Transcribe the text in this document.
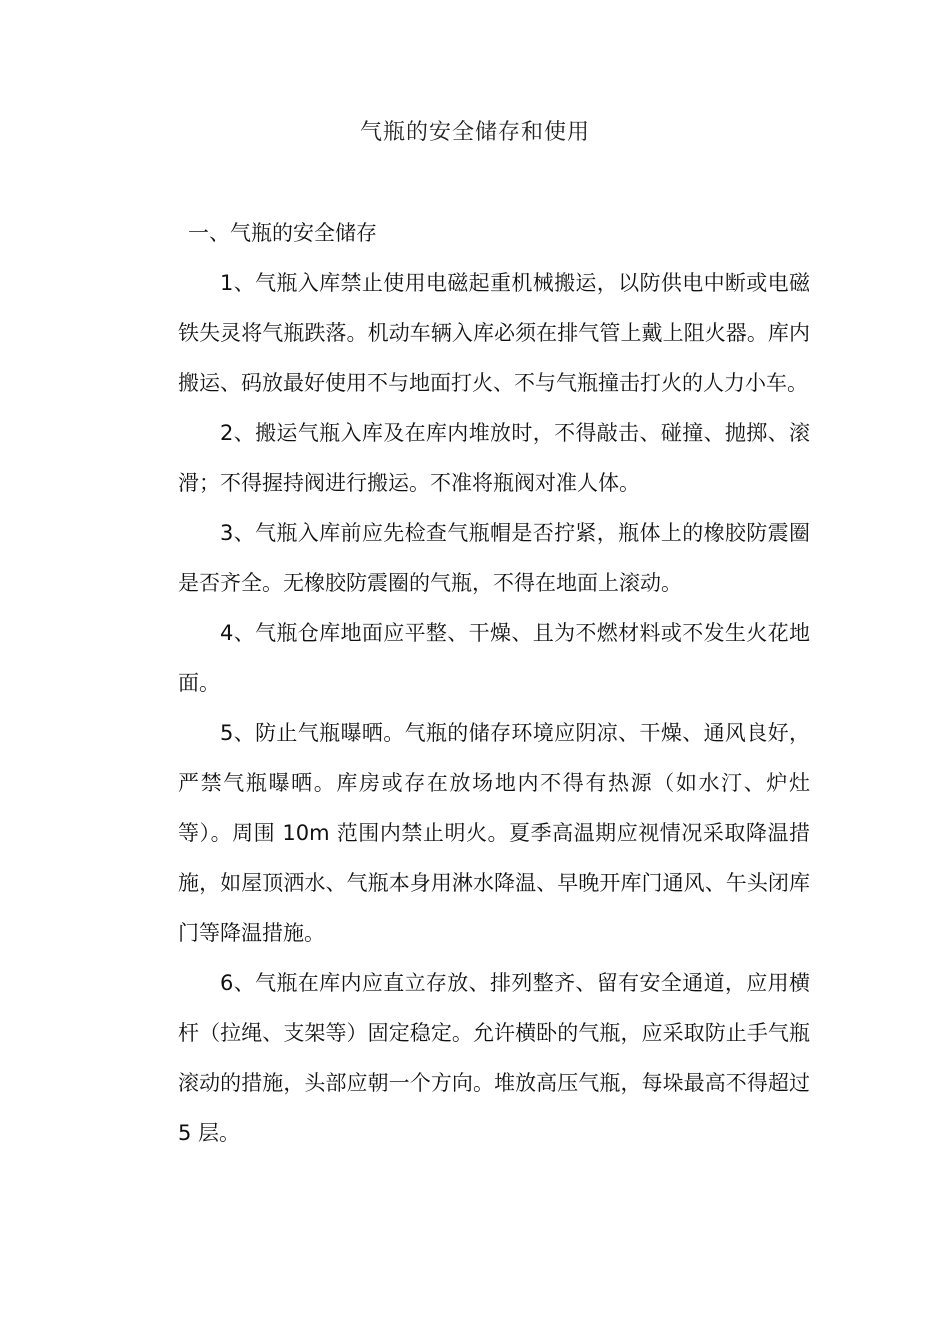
气瓶的安全储存和使用
一、气瓶的安全储存

1、气瓶入库禁止使用电磁起重机械搬运，以防供电中断或电磁铁失灵将气瓶跌落。机动车辆入库必须在排气管上戴上阻火器。库内搬运、码放最好使用不与地面打火、不与气瓶撞击打火的人力小车。

2、搬运气瓶入库及在库内堆放时，不得敲击、碰撞、抛掷、滚滑；不得握持阀进行搬运。不准将瓶阀对准人体。

3、气瓶入库前应先检查气瓶帽是否拧紧，瓶体上的橡胶防震圈是否齐全。无橡胶防震圈的气瓶，不得在地面上滚动。

4、气瓶仓库地面应平整、干燥、且为不燃材料或不发生火花地面。

5、防止气瓶曝晒。气瓶的储存环境应阴凉、干燥、通风良好，严禁气瓶曝晒。库房或存在放场地内不得有热源（如水汀、炉灶等）。周围 10m 范围内禁止明火。夏季高温期应视情况采取降温措施，如屋顶洒水、气瓶本身用淋水降温、早晚开库门通风、午头闭库门等降温措施。

6、气瓶在库内应直立存放、排列整齐、留有安全通道，应用横杆（拉绳、支架等）固定稳定。允许横卧的气瓶，应采取防止手气瓶滚动的措施，头部应朝一个方向。堆放高压气瓶，每垛最高不得超过 5 层。
